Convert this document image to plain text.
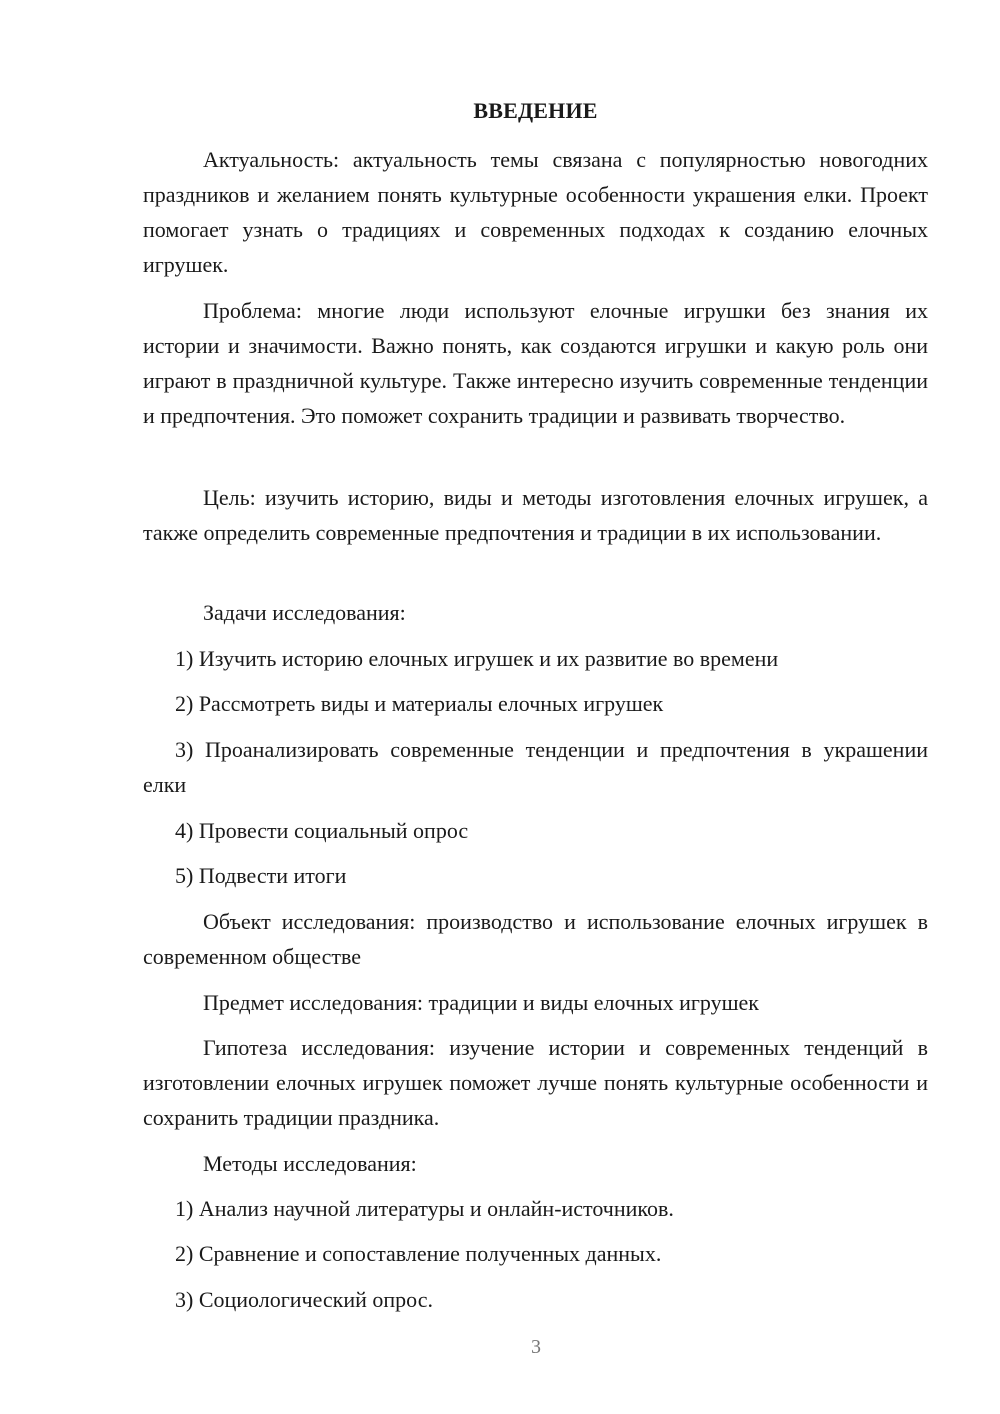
ВВЕДЕНИЕ
Актуальность: актуальность темы связана с популярностью новогодних праздников и желанием понять культурные особенности украшения елки. Проект помогает узнать о традициях и современных подходах к созданию елочных игрушек.
Проблема: многие люди используют елочные игрушки без знания их истории и значимости. Важно понять, как создаются игрушки и какую роль они играют в праздничной культуре. Также интересно изучить современные тенденции и предпочтения. Это поможет сохранить традиции и развивать творчество.
Цель: изучить историю, виды и методы изготовления елочных игрушек, а также определить современные предпочтения и традиции в их использовании.
Задачи исследования:
1) Изучить историю елочных игрушек и их развитие во времени
2) Рассмотреть виды и материалы елочных игрушек
3) Проанализировать современные тенденции и предпочтения в украшении елки
4) Провести социальный опрос
5) Подвести итоги
Объект исследования: производство и использование елочных игрушек в современном обществе
Предмет исследования: традиции и виды елочных игрушек
Гипотеза исследования: изучение истории и современных тенденций в изготовлении елочных игрушек поможет лучше понять культурные особенности и сохранить традиции праздника.
Методы исследования:
1) Анализ научной литературы и онлайн-источников.
2) Сравнение и сопоставление полученных данных.
3) Социологический опрос.
3
